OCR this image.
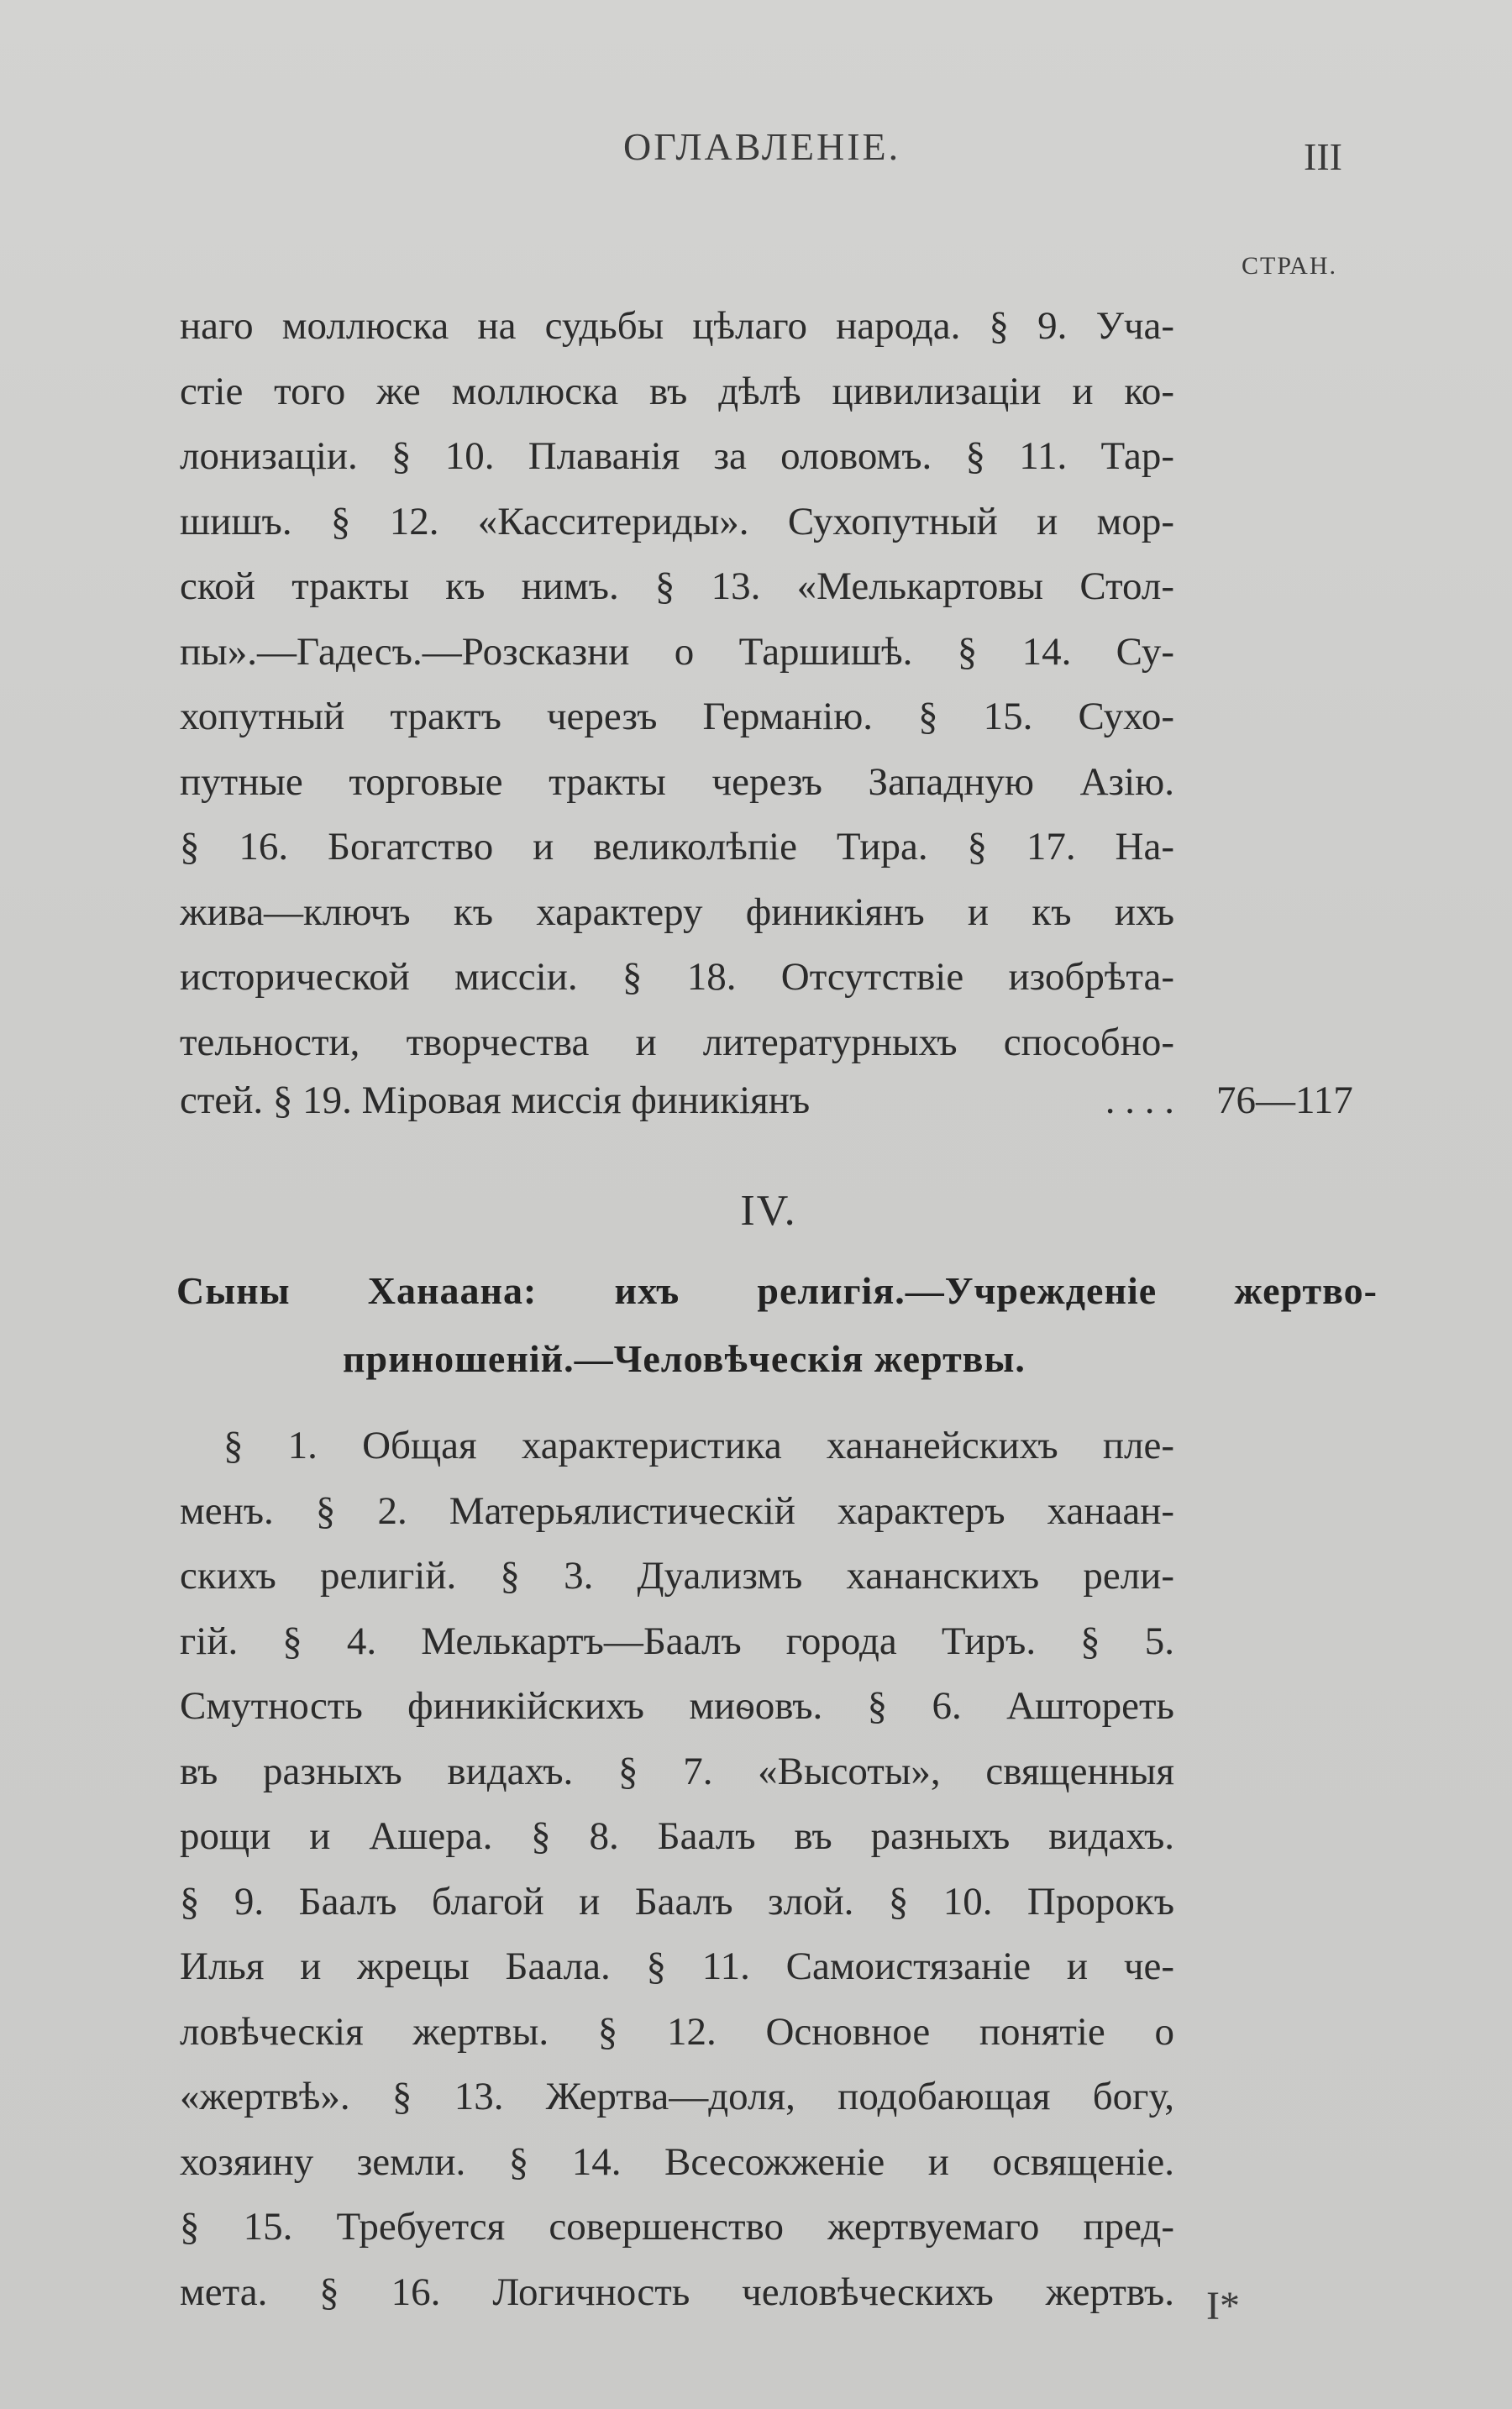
ОГЛАВЛЕНІЕ.	III
СТРАН.
наго моллюска на судьбы цѣлаго народа. § 9. Уча-
стіе того же моллюска въ дѣлѣ цивилизаціи и ко-
лонизаціи. § 10. Плаванія за оловомъ. § 11. Тар-
шишъ. § 12. «Касситериды». Сухопутный и мор-
ской тракты къ нимъ. § 13. «Мелькартовы Стол-
пы».—Гадесъ.—Розсказни о Таршишѣ. § 14. Су-
хопутный трактъ черезъ Германію. § 15. Сухо-
путные торговые тракты черезъ Западную Азію.
§ 16. Богатство и великолѣпіе Тира. § 17. На-
жива—ключъ къ характеру финикіянъ и къ ихъ
исторической миссіи. § 18. Отсутствіе изобрѣта-
тельности, творчества и литературныхъ способно-
стей. § 19. Міровая миссія финикіянъ	. . . . 76—117
IV.
Сыны Ханаана: ихъ религія.—Учрежденіе жертво-
приношеній.—Человѣческія жертвы.
§ 1. Общая характеристика хананейскихъ пле-
менъ. § 2. Матерьялистическій характеръ ханаан-
скихъ религій. § 3. Дуализмъ хананскихъ рели-
гій. § 4. Мелькартъ—Баалъ города Тиръ. § 5.
Смутность финикійскихъ миѳовъ. § 6. Аштореть
въ разныхъ видахъ. § 7. «Высоты», священныя
рощи и Ашера. § 8. Баалъ въ разныхъ видахъ.
§ 9. Баалъ благой и Баалъ злой. § 10. Пророкъ
Илья и жрецы Баала. § 11. Самоистязаніе и че-
ловѣческія жертвы. § 12. Основное понятіе о
«жертвѣ». § 13. Жертва—доля, подобающая богу,
хозяину земли. § 14. Всесожженіе и освященіе.
§ 15. Требуется совершенство жертвуемаго пред-
мета. § 16. Логичность человѣческихъ жертвъ. I*
